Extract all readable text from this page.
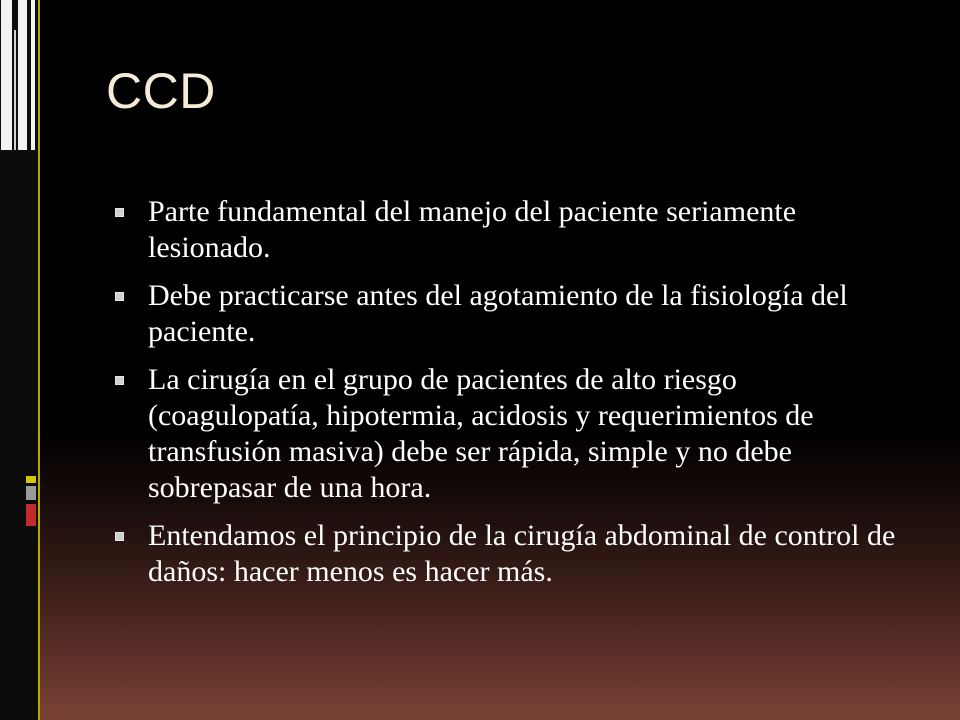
CCD
Parte fundamental del manejo del paciente seriamente lesionado.
Debe practicarse antes del agotamiento de la fisiología del paciente.
La cirugía en el grupo de pacientes de alto riesgo (coagulopatía, hipotermia, acidosis y requerimientos de transfusión masiva) debe ser rápida, simple y no debe sobrepasar de una hora.
Entendamos el principio de la cirugía abdominal de control de daños: hacer menos es hacer más.
